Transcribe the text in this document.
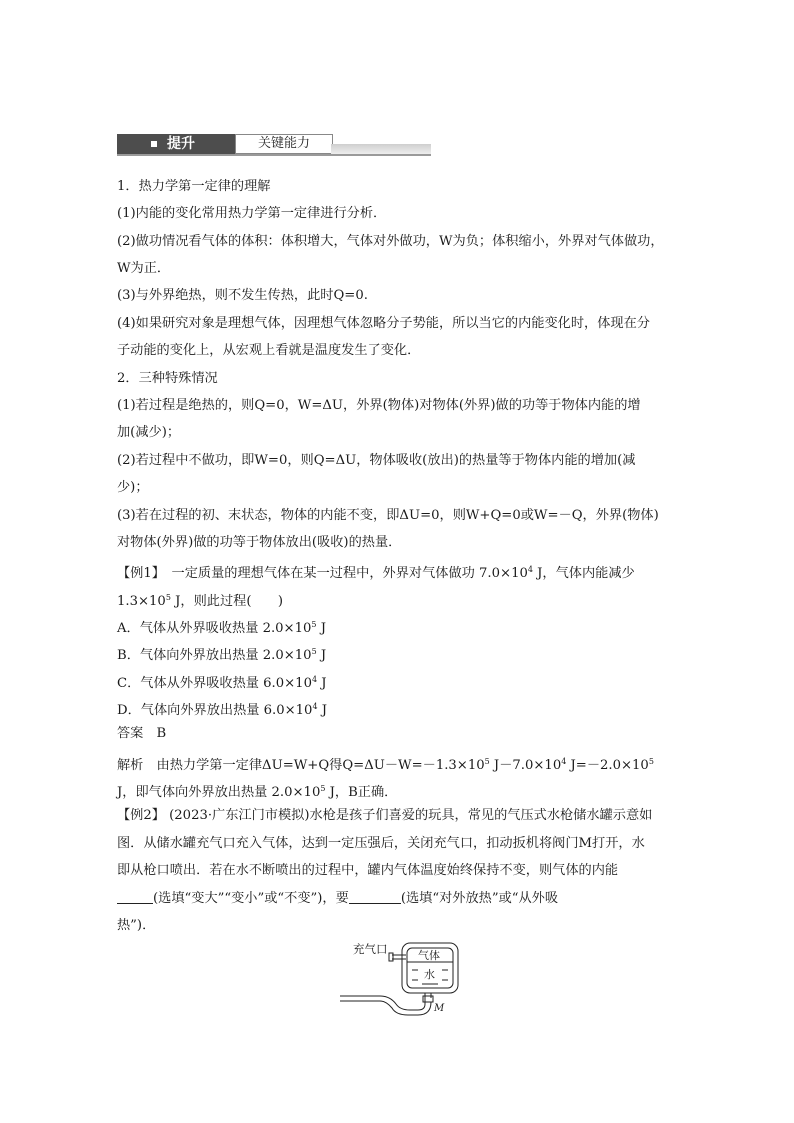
提升	关键能力
1．热力学第一定律的理解
(1)内能的变化常用热力学第一定律进行分析．
(2)做功情况看气体的体积：体积增大，气体对外做功，W为负；体积缩小，外界对气体做功，
W为正．
(3)与外界绝热，则不发生传热，此时Q=0.
(4)如果研究对象是理想气体，因理想气体忽略分子势能，所以当它的内能变化时，体现在分
子动能的变化上，从宏观上看就是温度发生了变化．
2．三种特殊情况
(1)若过程是绝热的，则Q=0，W=ΔU，外界(物体)对物体(外界)做的功等于物体内能的增
加(减少)；
(2)若过程中不做功，即W=0，则Q=ΔU，物体吸收(放出)的热量等于物体内能的增加(减
少)；
(3)若在过程的初、末状态，物体的内能不变，即ΔU=0，则W+Q=0或W=－Q，外界(物体)
对物体(外界)做的功等于物体放出(吸收)的热量．
【例1】　一定质量的理想气体在某一过程中，外界对气体做功 $7.0\times 10^4$ J，气体内能减少
$1.3\times 10^5$ J，则此过程(　　)
A．气体从外界吸收热量 $2.0\times 10^5$ J
B．气体向外界放出热量 $2.0\times 10^5$ J
C．气体从外界吸收热量 $6.0\times 10^4$ J
D．气体向外界放出热量 $6.0\times 10^4$ J
答案　B
解析　由热力学第一定律ΔU=W+Q得$Q=\Delta U-W=-1.3\times 10^5$ $J-7.0\times 10^4$ $J=-2.0\times 10^5$
J，即气体向外界放出热量 $2.0\times 10^5$ J，B正确．
【例2】 (2023·广东江门市模拟)水枪是孩子们喜爱的玩具，常见的气压式水枪储水罐示意如
图．从储水罐充气口充入气体，达到一定压强后，关闭充气口，扣动扳机将阀门M打开，水
即从枪口喷出．若在水不断喷出的过程中，罐内气体温度始终保持不变，则气体的内能
(选填“变大”“变小”或“不变”)，要	(选填“对外放热”或“从外吸
热”)．
气体
水
M
充气口
